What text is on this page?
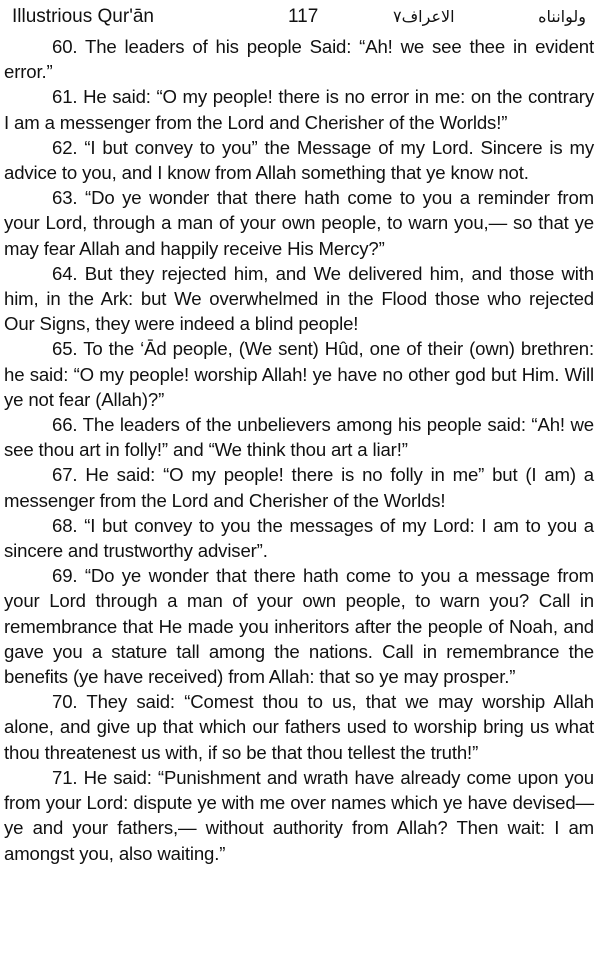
Illustrious Qur'ān	117	الاعراف٧	ولوانناه

60. The leaders of his people Said: “Ah! we see thee in evident error.”

61. He said: “O my people! there is no error in me: on the contrary I am a messenger from the Lord and Cherisher of the Worlds!”

62. “I but convey to you” the Message of my Lord. Sincere is my advice to you, and I know from Allah something that ye know not.

63. “Do ye wonder that there hath come to you a reminder from your Lord, through a man of your own people, to warn you,— so that ye may fear Allah and happily receive His Mercy?”

64. But they rejected him, and We delivered him, and those with him, in the Ark: but We overwhelmed in the Flood those who rejected Our Signs, they were indeed a blind people!

65. To the ‘Ād people, (We sent) Hûd, one of their (own) brethren: he said: “O my people! worship Allah! ye have no other god but Him. Will ye not fear (Allah)?”

66. The leaders of the unbelievers among his people said: “Ah! we see thou art in folly!” and “We think thou art a liar!”

67. He said: “O my people! there is no folly in me” but (I am) a messenger from the Lord and Cherisher of the Worlds!

68. “I but convey to you the messages of my Lord: I am to you a sincere and trustworthy adviser”.

69. “Do ye wonder that there hath come to you a message from your Lord through a man of your own people, to warn you? Call in remembrance that He made you inheritors after the people of Noah, and gave you a stature tall among the nations. Call in remembrance the benefits (ye have received) from Allah: that so ye may prosper.”

70. They said: “Comest thou to us, that we may worship Allah alone, and give up that which our fathers used to worship bring us what thou threatenest us with, if so be that thou tellest the truth!”

71. He said: “Punishment and wrath have already come upon you from your Lord: dispute ye with me over names which ye have devised—ye and your fathers,— without authority from Allah? Then wait: I am amongst you, also waiting.”
